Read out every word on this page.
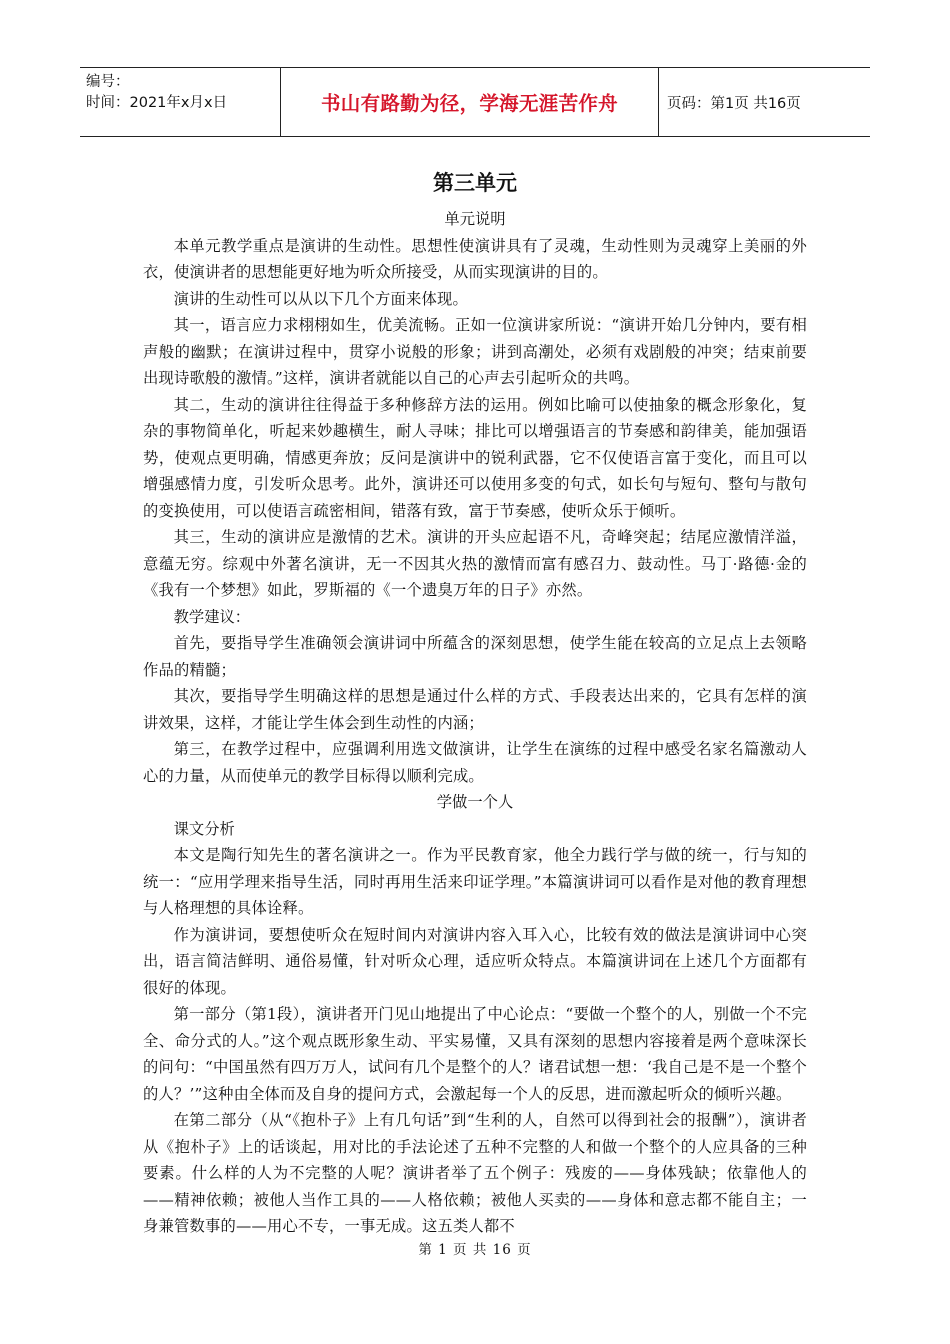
编号：
时间：2021年x月x日	书山有路勤为径，学海无涯苦作舟	页码：第1页 共16页
第三单元

单元说明

本单元教学重点是演讲的生动性。思想性使演讲具有了灵魂，生动性则为灵魂穿上美丽的外衣，使演讲者的思想能更好地为听众所接受，从而实现演讲的目的。

演讲的生动性可以从以下几个方面来体现。

其一，语言应力求栩栩如生，优美流畅。正如一位演讲家所说：“演讲开始几分钟内，要有相声般的幽默；在演讲过程中，贯穿小说般的形象；讲到高潮处，必须有戏剧般的冲突；结束前要出现诗歌般的激情。”这样，演讲者就能以自己的心声去引起听众的共鸣。

其二，生动的演讲往往得益于多种修辞方法的运用。例如比喻可以使抽象的概念形象化，复杂的事物简单化，听起来妙趣横生，耐人寻味；排比可以增强语言的节奏感和韵律美，能加强语势，使观点更明确，情感更奔放；反问是演讲中的锐利武器，它不仅使语言富于变化，而且可以增强感情力度，引发听众思考。此外，演讲还可以使用多变的句式，如长句与短句、整句与散句的变换使用，可以使语言疏密相间，错落有致，富于节奏感，使听众乐于倾听。

其三，生动的演讲应是激情的艺术。演讲的开头应起语不凡，奇峰突起；结尾应激情洋溢，意蕴无穷。综观中外著名演讲，无一不因其火热的激情而富有感召力、鼓动性。马丁·路德·金的《我有一个梦想》如此，罗斯福的《一个遗臭万年的日子》亦然。

教学建议：

首先，要指导学生准确领会演讲词中所蕴含的深刻思想，使学生能在较高的立足点上去领略作品的精髓；

其次，要指导学生明确这样的思想是通过什么样的方式、手段表达出来的，它具有怎样的演讲效果，这样，才能让学生体会到生动性的内涵；

第三，在教学过程中，应强调利用选文做演讲，让学生在演练的过程中感受名家名篇激动人心的力量，从而使单元的教学目标得以顺利完成。

学做一个人

课文分析

本文是陶行知先生的著名演讲之一。作为平民教育家，他全力践行学与做的统一，行与知的统一：“应用学理来指导生活，同时再用生活来印证学理。”本篇演讲词可以看作是对他的教育理想与人格理想的具体诠释。

作为演讲词，要想使听众在短时间内对演讲内容入耳入心，比较有效的做法是演讲词中心突出，语言简洁鲜明、通俗易懂，针对听众心理，适应听众特点。本篇演讲词在上述几个方面都有很好的体现。

第一部分（第1段），演讲者开门见山地提出了中心论点：“要做一个整个的人，别做一个不完全、命分式的人。”这个观点既形象生动、平实易懂，又具有深刻的思想内容接着是两个意味深长的问句：“中国虽然有四万万人，试问有几个是整个的人？诸君试想一想：‘我自己是不是一个整个的人？’”这种由全体而及自身的提问方式，会激起每一个人的反思，进而激起听众的倾听兴趣。

在第二部分（从“《抱朴子》上有几句话”到“生利的人，自然可以得到社会的报酬”），演讲者从《抱朴子》上的话谈起，用对比的手法论述了五种不完整的人和做一个整个的人应具备的三种要素。什么样的人为不完整的人呢？演讲者举了五个例子：残废的——身体残缺；依靠他人的——精神依赖；被他人当作工具的——人格依赖；被他人买卖的——身体和意志都不能自主；一身兼管数事的——用心不专，一事无成。这五类人都不

第 1 页 共 16 页
